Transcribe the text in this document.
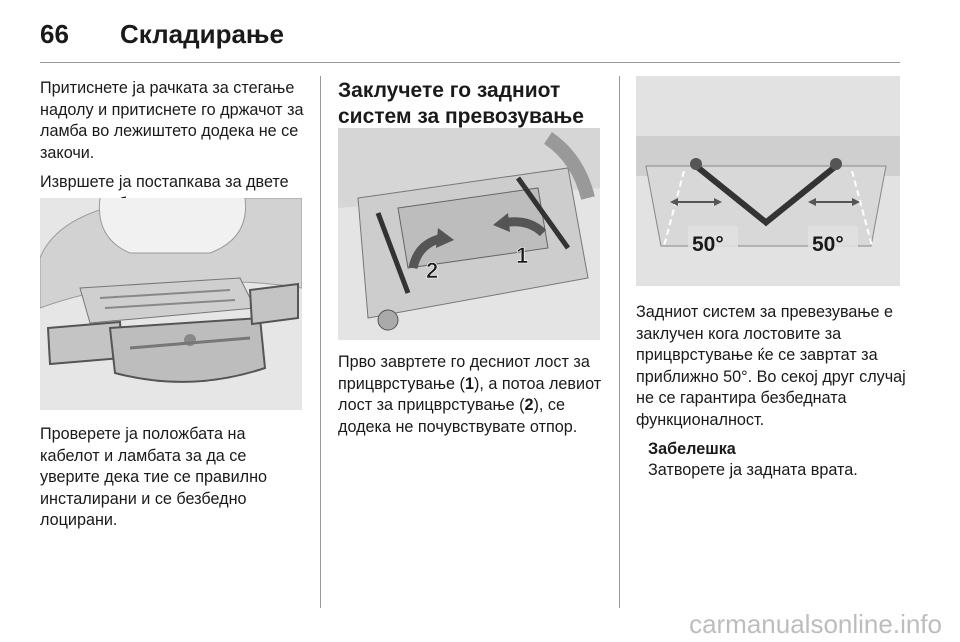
66	Складирање

Притиснете ја рачката за стегање надолу и притиснете го држачот за ламба во лежиштето додека не се закочи.

Извршете ја постапкава за двете

Проверете ја положбата на кабелот и ламбата за да се уверите дека тие се правилно инсталирани и се безбедно лоцирани.

Заклучете го задниот систем за превозување
2
1

Прво завртете го десниот лост за прицврстување (1), а потоа левиот лост за прицврстување (2), се додека не почувствувате отпор.

50°	50°

Задниот систем за превезување е заклучен кога лостовите за прицврстување ќе се завртат за приближно 50°. Во секој друг случај не се гарантира безбедната функционалност.

Забелешка
Затворете ја задната врата.
carmanualsonline.info
